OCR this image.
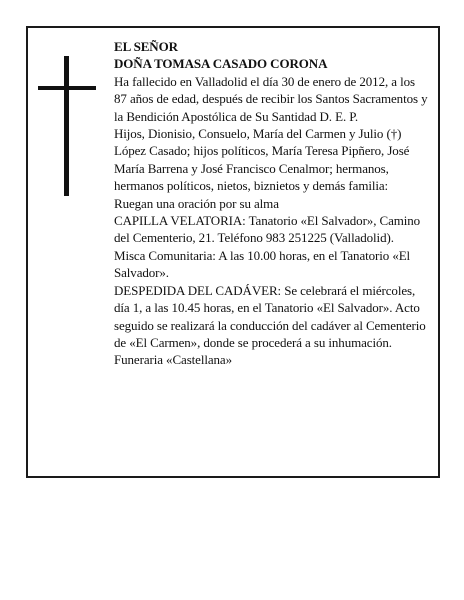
EL SEÑOR

DOÑA TOMASA CASADO CORONA

Ha fallecido en Valladolid el día 30 de enero de 2012, a los 87 años de edad, después de recibir los Santos Sacramentos y la Bendición Apostólica de Su Santidad D. E. P.

Hijos, Dionisio, Consuelo, María del Carmen y Julio (†) López Casado; hijos políticos, María Teresa Pipñero, José María Barrena y José Francisco Cenalmor; hermanos, hermanos políticos, nietos, biznietos y demás familia:

Ruegan una oración por su alma

CAPILLA VELATORIA: Tanatorio «El Salvador», Camino del Cementerio, 21. Teléfono 983 251225 (Valladolid).

Misca Comunitaria: A las 10.00 horas, en el Tanatorio «El Salvador».

DESPEDIDA DEL CADÁVER: Se celebrará el miércoles, día 1, a las 10.45 horas, en el Tanatorio «El Salvador». Acto seguido se realizará la conducción del cadáver al Cementerio de «El Carmen», donde se procederá a su inhumación.

Funeraria «Castellana»
